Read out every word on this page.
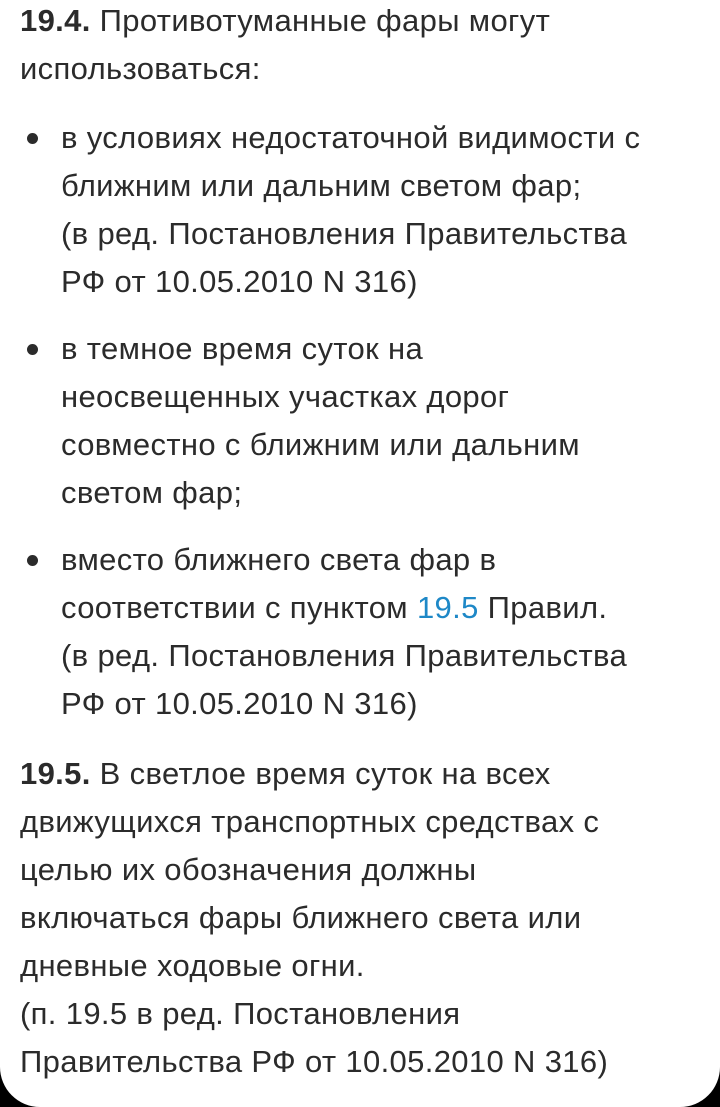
19.4. Противотуманные фары могут
использоваться:

в условиях недостаточной видимости с
ближним или дальним светом фар;
(в ред. Постановления Правительства
РФ от 10.05.2010 N 316)
в темное время суток на
неосвещенных участках дорог
совместно с ближним или дальним
светом фар;
вместо ближнего света фар в
соответствии с пунктом 19.5 Правил.
(в ред. Постановления Правительства
РФ от 10.05.2010 N 316)

19.5. В светлое время суток на всех
движущихся транспортных средствах с
целью их обозначения должны
включаться фары ближнего света или
дневные ходовые огни.
(п. 19.5 в ред. Постановления
Правительства РФ от 10.05.2010 N 316)
